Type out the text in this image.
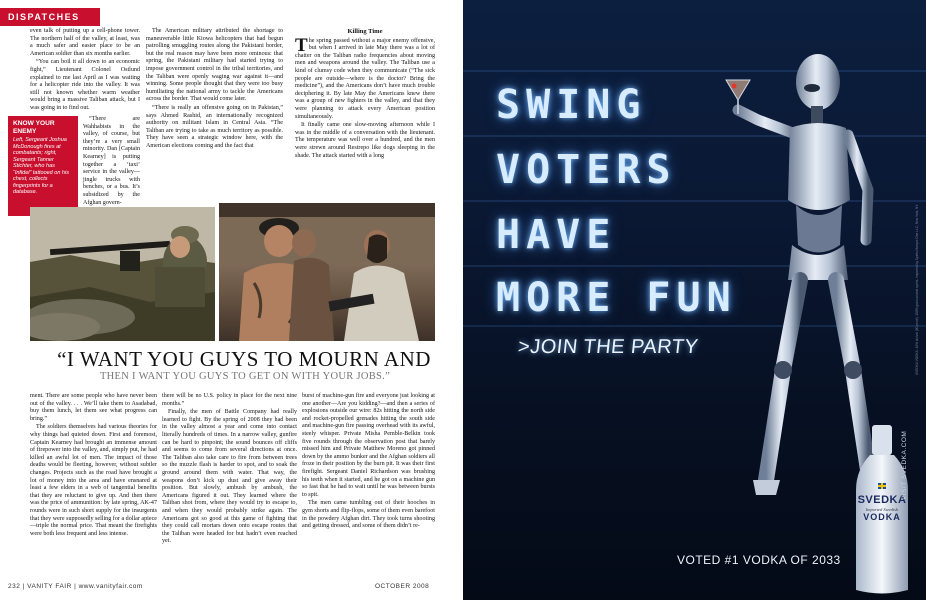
DISPATCHES

even talk of putting up a cell-phone tower. The northern half of the valley, at least, was a much safer and easier place to be an American soldier than six months earlier.

“You can boil it all down to an economic fight,” Lieutenant Colonel Ostlund explained to me last April as I was waiting for a helicopter ride into the valley. It was still not known whether warm weather would bring a massive Taliban attack, but I was going in to find out.

“There are Wahhabists in the valley, of course, but they’re a very small minority. Dan [Captain Kearney] is putting together a ‘taxi’ service in the valley—jingle trucks with benches, or a bus. It’s subsidized by the Afghan govern-

KNOW YOUR ENEMY
Left, Sergeant Joshua McDonough fires at combatants; right, Sergeant Tanner Stichter, who has “Infidel” tattooed on his chest, collects fingerprints for a database.

The American military attributed the shortage to maneuverable little Kiowa helicopters that had begun patrolling smuggling routes along the Pakistani border, but the real reason may have been more ominous: that spring, the Pakistani military had started trying to impose government control in the tribal territories, and the Taliban were openly waging war against it—and winning. Some people thought that they were too busy humiliating the national army to tackle the Americans across the border. That would come later.

“There is really an offensive going on in Pakistan,” says Ahmed Rashid, an internationally recognized authority on militant Islam in Central Asia. “The Taliban are trying to take as much territory as possible. They have seen a strategic window here, with the American elections coming and the fact that

Killing Time

The spring passed without a major enemy offensive, but when I arrived in late May there was a lot of chatter on the Taliban radio frequencies about moving men and weapons around the valley. The Taliban use a kind of clumsy code when they communicate (“The sick people are outside—where is the doctor? Bring the medicine”), and the Americans don’t have much trouble deciphering it. By late May the Americans knew there was a group of new fighters in the valley, and that they were planning to attack every American position simultaneously.

It finally came one slow-moving afternoon while I was in the middle of a conversation with the lieutenant. The temperature was well over a hundred, and the men were strewn around Restrepo like dogs sleeping in the shade. The attack started with a long

“I WANT YOU GUYS TO MOURN AND
THEN I WANT YOU GUYS TO GET ON WITH YOUR JOBS.”

ment. There are some people who have never been out of the valley. . . . We’ll take them to Asadabad, buy them lunch, let them see what progress can bring.”

The soldiers themselves had various theories for why things had quieted down. First and foremost, Captain Kearney had brought an immense amount of firepower into the valley, and, simply put, he had killed an awful lot of men. The impact of those deaths would be fleeting, however, without subtler changes. Projects such as the road have brought a lot of money into the area and have ensnared at least a few elders in a web of tangential benefits that they are reluctant to give up. And then there was the price of ammunition: by late spring, AK-47 rounds were in such short supply for the insurgents that they were supposedly selling for a dollar apiece—triple the normal price. That meant the firefights were both less frequent and less intense.

there will be no U.S. policy in place for the next nine months.”

Finally, the men of Battle Company had really learned to fight. By the spring of 2008 they had been in the valley almost a year and come into contact literally hundreds of times. In a narrow valley, gunfire can be hard to pinpoint; the sound bounces off cliffs and seems to come from several directions at once. The Taliban also take care to fire from between trees so the muzzle flash is harder to spot, and to soak the ground around them with water. That way, the weapons don’t kick up dust and give away their position. But slowly, ambush by ambush, the Americans figured it out. They learned where the Taliban shot from, where they would try to escape to, and when they would probably strike again. The Americans got so good at this game of fighting that they could call mortars down onto escape routes that the Taliban were headed for but hadn’t even reached yet.

burst of machine-gun fire and everyone just looking at one another—Are you kidding?—and then a series of explosions outside our wire: 82s hitting the north side and rocket-propelled grenades hitting the south side and machine-gun fire passing overhead with its awful, steely whisper. Private Misha Pemble-Belkin took five rounds through the observation post that barely missed him and Private Matthew Moreno got pinned down by the ammo bunker and the Afghan soldiers all froze in their position by the burn pit. It was their first firefight. Sergeant Daniel Richardson was brushing his teeth when it started, and he got on a machine gun so fast that he had to wait until he was between bursts to spit.

The men came tumbling out of their hooches in gym shorts and flip-flops, some of them even barefoot in the powdery Afghan dirt. They took turns shooting and getting dressed, and some of them didn’t re-

232 | VANITY FAIR | www.vanityfair.com	OCTOBER 2008
SWING
VOTERS
HAVE
MORE FUN
>JOIN THE PARTY
SVEDKA
Imported Swedish
VODKA
VOTED #1 VODKA OF 2033
VISIT SVEDKA.COM
SVEDKA VODKA. 40% alc/vol (80 proof). 100% grain neutral spirits. Imported by Spirits Marque One LLC, New York, NY.
